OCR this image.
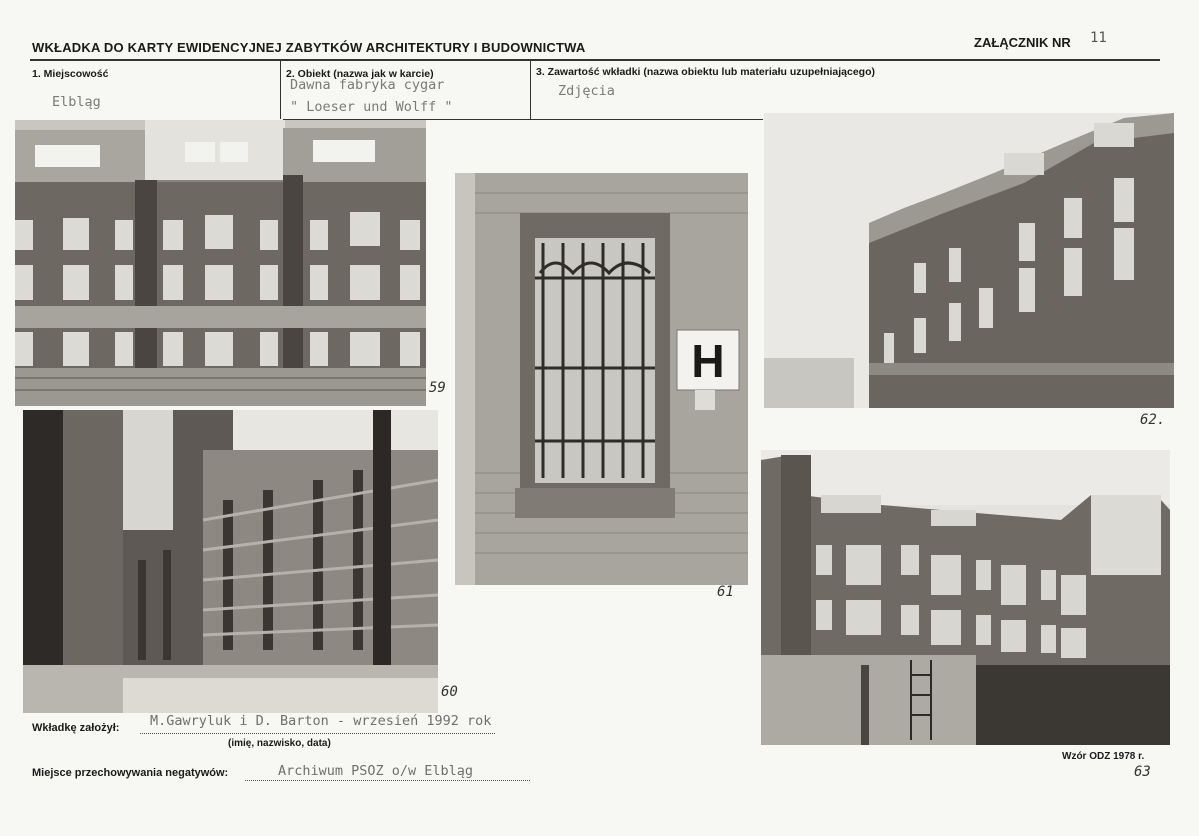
WKŁADKA DO KARTY EWIDENCYJNEJ ZABYTKÓW ARCHITEKTURY I BUDOWNICTWA	ZAŁĄCZNIK NR 11
1. Miejscowość
Elbląg
2. Obiekt (nazwa jak w karcie)
Dawna fabryka cygar
" Loeser und Wolff "
3. Zawartość wkładki (nazwa obiektu lub materiału uzupełniającego)
Zdjęcia
59
60
H
61
62.
63
Wkładkę założył: M.Gawryluk i D. Barton - wrzesień 1992 rok
(imię, nazwisko, data)
Miejsce przechowywania negatywów:	Archiwum PSOZ o/w Elbląg
Wzór ODZ 1978 r.
